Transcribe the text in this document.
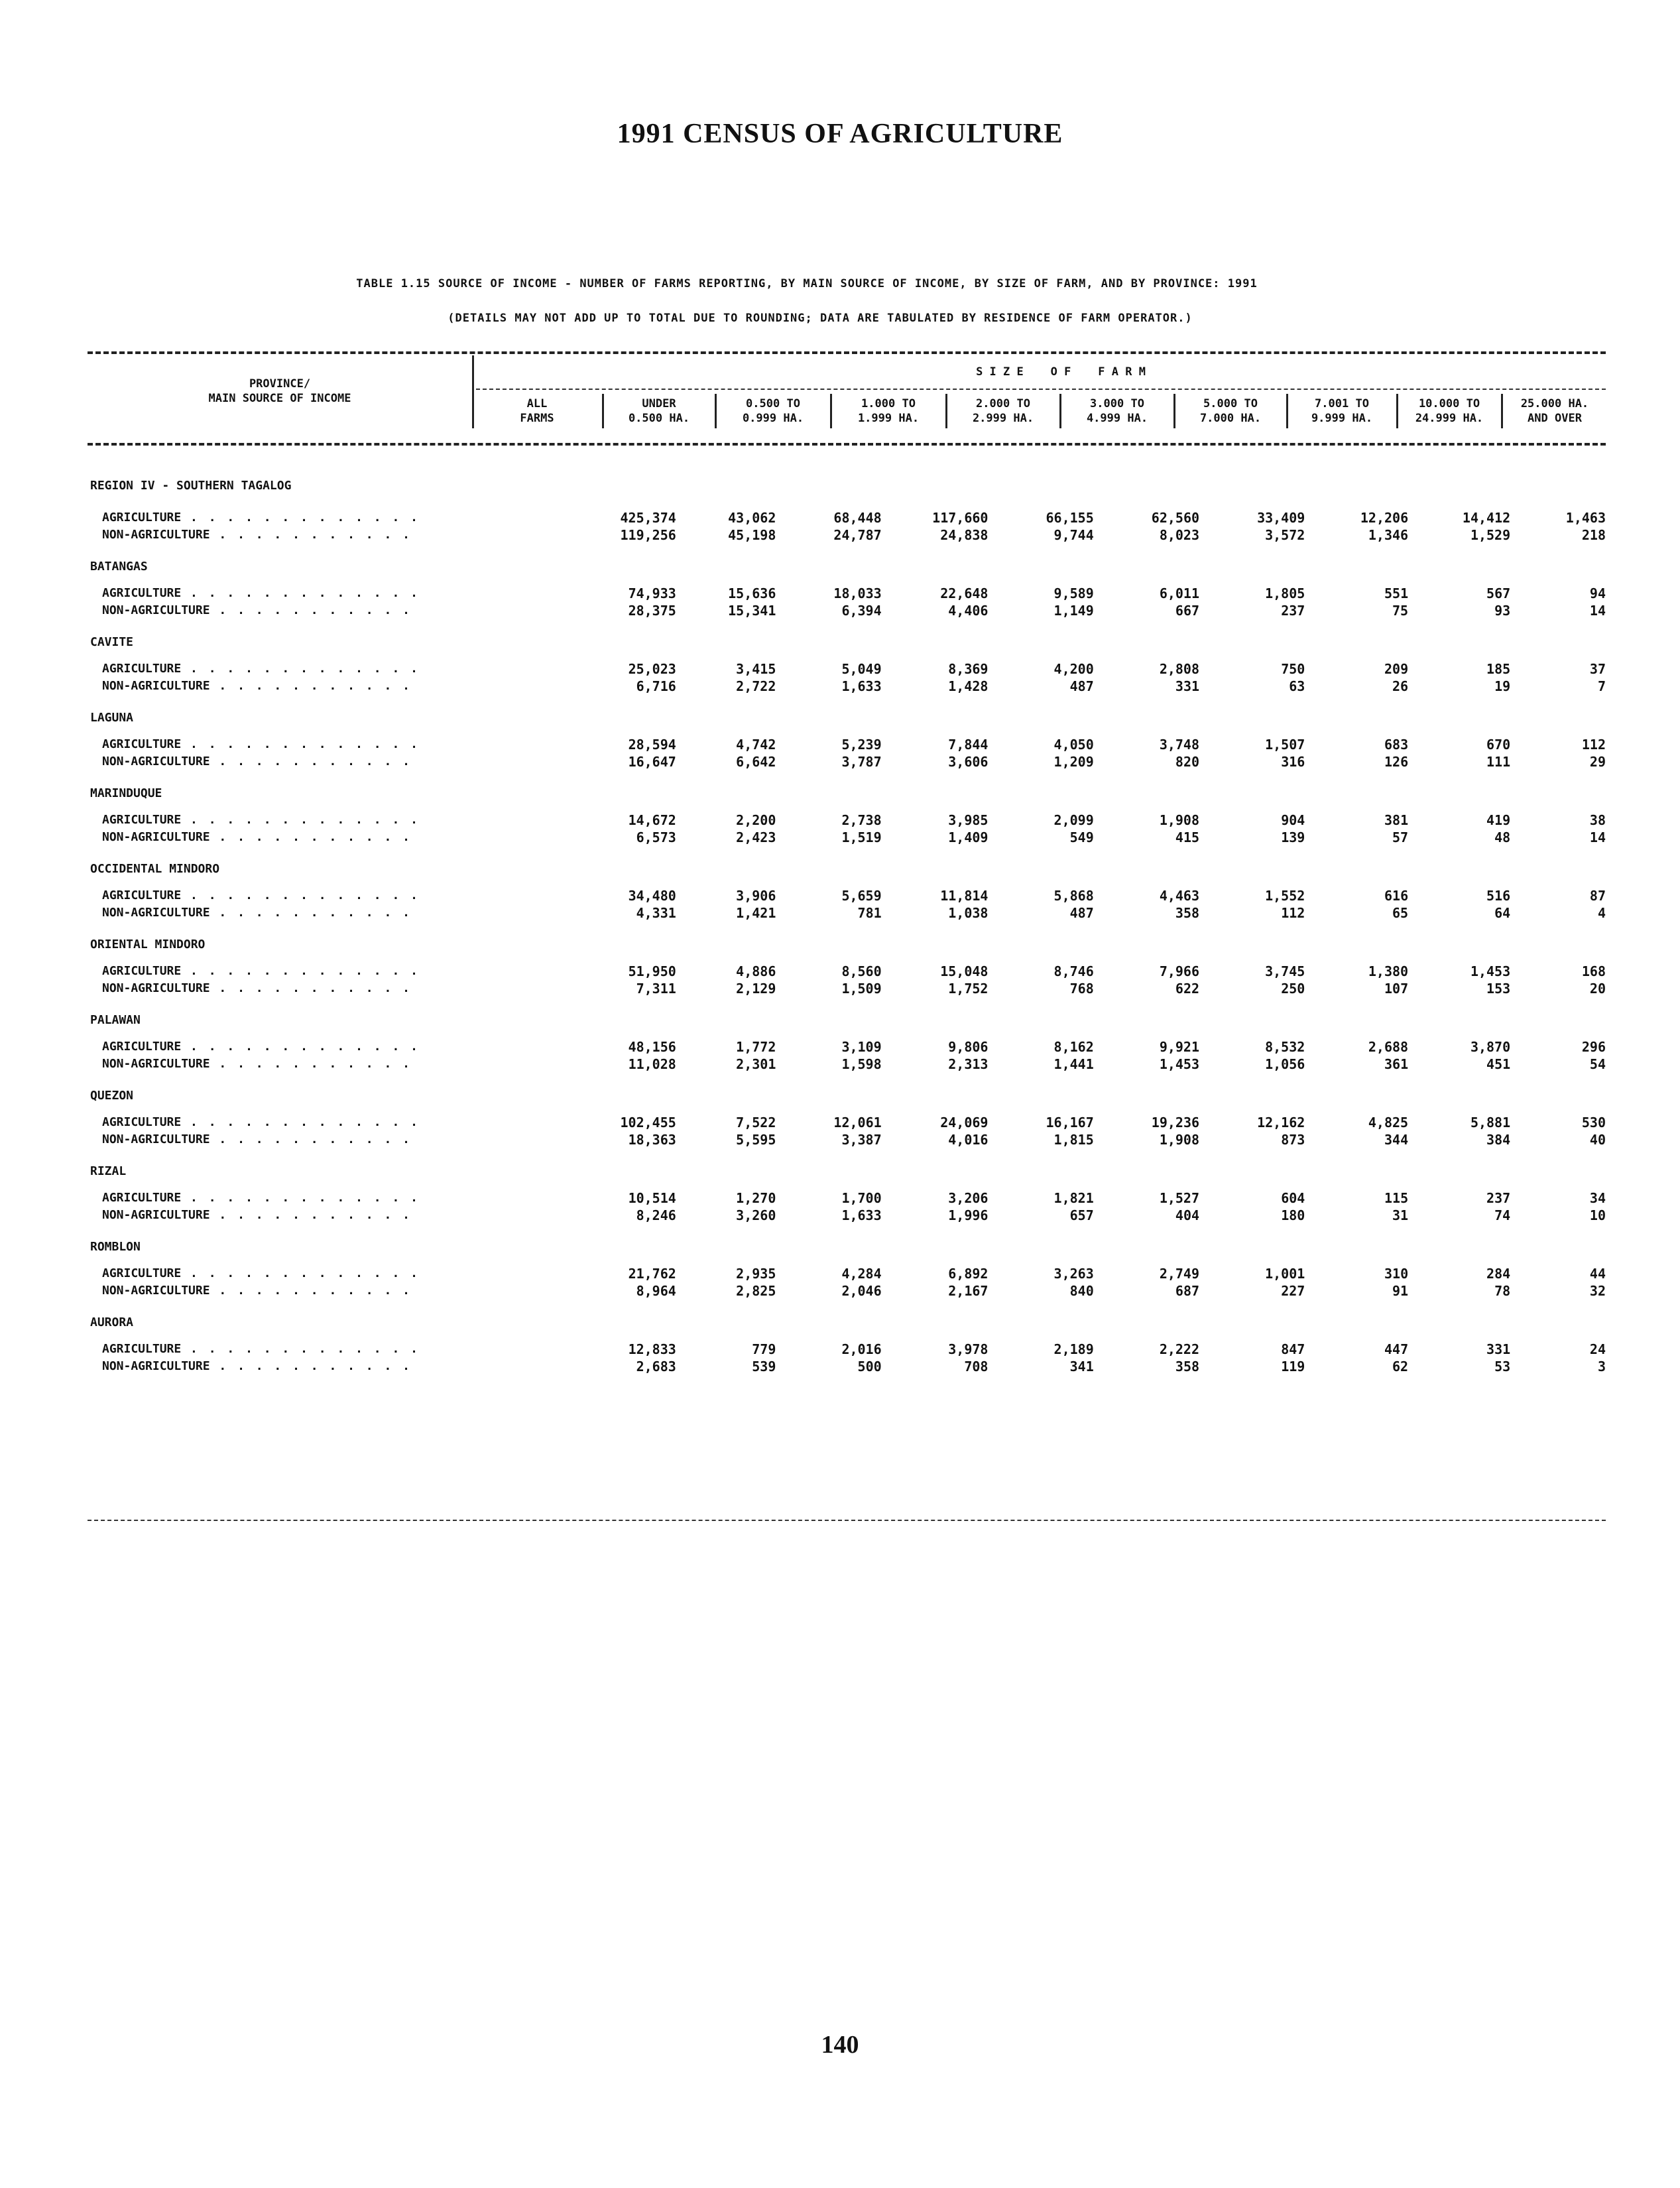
1991 CENSUS OF AGRICULTURE
TABLE 1.15 SOURCE OF INCOME - NUMBER OF FARMS REPORTING, BY MAIN SOURCE OF INCOME, BY SIZE OF FARM, AND BY PROVINCE: 1991
(DETAILS MAY NOT ADD UP TO TOTAL DUE TO ROUNDING; DATA ARE TABULATED BY RESIDENCE OF FARM OPERATOR.)
PROVINCE/
MAIN SOURCE OF INCOME
S I Z E    O F    F A R M
ALL
FARMS
UNDER
0.500 HA.
0.500 TO
0.999 HA.
1.000 TO
1.999 HA.
2.000 TO
2.999 HA.
3.000 TO
4.999 HA.
5.000 TO
7.000 HA.
7.001 TO
9.999 HA.
10.000 TO
24.999 HA.
25.000 HA.
AND OVER
REGION IV - SOUTHERN TAGALOG										
AGRICULTURE . . . . . . . . . . . . .	425,374	43,062	68,448	117,660	66,155	62,560	33,409	12,206	14,412	1,463
NON-AGRICULTURE . . . . . . . . . . .	119,256	45,198	24,787	24,838	9,744	8,023	3,572	1,346	1,529	218
BATANGAS										
AGRICULTURE . . . . . . . . . . . . .	74,933	15,636	18,033	22,648	9,589	6,011	1,805	551	567	94
NON-AGRICULTURE . . . . . . . . . . .	28,375	15,341	6,394	4,406	1,149	667	237	75	93	14
CAVITE										
AGRICULTURE . . . . . . . . . . . . .	25,023	3,415	5,049	8,369	4,200	2,808	750	209	185	37
NON-AGRICULTURE . . . . . . . . . . .	6,716	2,722	1,633	1,428	487	331	63	26	19	7
LAGUNA										
AGRICULTURE . . . . . . . . . . . . .	28,594	4,742	5,239	7,844	4,050	3,748	1,507	683	670	112
NON-AGRICULTURE . . . . . . . . . . .	16,647	6,642	3,787	3,606	1,209	820	316	126	111	29
MARINDUQUE										
AGRICULTURE . . . . . . . . . . . . .	14,672	2,200	2,738	3,985	2,099	1,908	904	381	419	38
NON-AGRICULTURE . . . . . . . . . . .	6,573	2,423	1,519	1,409	549	415	139	57	48	14
OCCIDENTAL MINDORO										
AGRICULTURE . . . . . . . . . . . . .	34,480	3,906	5,659	11,814	5,868	4,463	1,552	616	516	87
NON-AGRICULTURE . . . . . . . . . . .	4,331	1,421	781	1,038	487	358	112	65	64	4
ORIENTAL MINDORO										
AGRICULTURE . . . . . . . . . . . . .	51,950	4,886	8,560	15,048	8,746	7,966	3,745	1,380	1,453	168
NON-AGRICULTURE . . . . . . . . . . .	7,311	2,129	1,509	1,752	768	622	250	107	153	20
PALAWAN										
AGRICULTURE . . . . . . . . . . . . .	48,156	1,772	3,109	9,806	8,162	9,921	8,532	2,688	3,870	296
NON-AGRICULTURE . . . . . . . . . . .	11,028	2,301	1,598	2,313	1,441	1,453	1,056	361	451	54
QUEZON										
AGRICULTURE . . . . . . . . . . . . .	102,455	7,522	12,061	24,069	16,167	19,236	12,162	4,825	5,881	530
NON-AGRICULTURE . . . . . . . . . . .	18,363	5,595	3,387	4,016	1,815	1,908	873	344	384	40
RIZAL										
AGRICULTURE . . . . . . . . . . . . .	10,514	1,270	1,700	3,206	1,821	1,527	604	115	237	34
NON-AGRICULTURE . . . . . . . . . . .	8,246	3,260	1,633	1,996	657	404	180	31	74	10
ROMBLON										
AGRICULTURE . . . . . . . . . . . . .	21,762	2,935	4,284	6,892	3,263	2,749	1,001	310	284	44
NON-AGRICULTURE . . . . . . . . . . .	8,964	2,825	2,046	2,167	840	687	227	91	78	32
AURORA										
AGRICULTURE . . . . . . . . . . . . .	12,833	779	2,016	3,978	2,189	2,222	847	447	331	24
NON-AGRICULTURE . . . . . . . . . . .	2,683	539	500	708	341	358	119	62	53	3
140
